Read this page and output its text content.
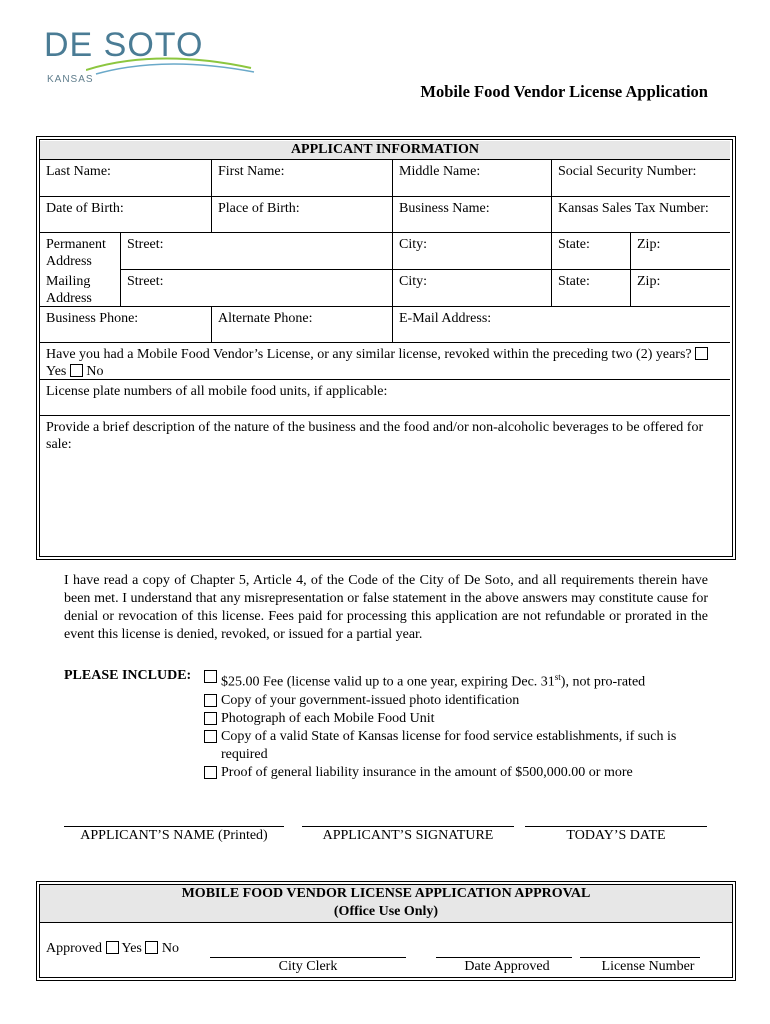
DE SOTO
KANSAS
Mobile Food Vendor License Application
APPLICANT INFORMATION
Last Name:	First Name:	Middle Name:	Social Security Number:
Date of Birth:	Place of Birth:	Business Name:	Kansas Sales Tax Number:
Permanent Address
Street:	City:	State:	Zip:
Mailing Address
Street:	City:	State:	Zip:
Business Phone:	Alternate Phone:	E-Mail Address:
Have you had a Mobile Food Vendor’s License, or any similar license, revoked within the preceding two (2) years?  Yes No
License plate numbers of all mobile food units, if applicable:
Provide a brief description of the nature of the business and the food and/or non-alcoholic beverages to be offered for sale:
I have read a copy of Chapter 5, Article 4, of the Code of the City of De Soto, and all requirements therein have been met. I understand that any misrepresentation or false statement in the above answers may constitute cause for denial or revocation of this license. Fees paid for processing this application are not refundable or prorated in the event this license is denied, revoked, or issued for a partial year.
PLEASE INCLUDE: $25.00 Fee (license valid up to a one year, expiring Dec. 31st), not pro-rated
Copy of your government-issued photo identification
Photograph of each Mobile Food Unit
Copy of a valid State of Kansas license for food service establishments, if such is required
Proof of general liability insurance in the amount of $500,000.00 or more
APPLICANT’S NAME (Printed)	APPLICANT’S SIGNATURE	TODAY’S DATE
MOBILE FOOD VENDOR LICENSE APPLICATION APPROVAL
(Office Use Only)
Approved Yes No
City Clerk	Date Approved	License Number
